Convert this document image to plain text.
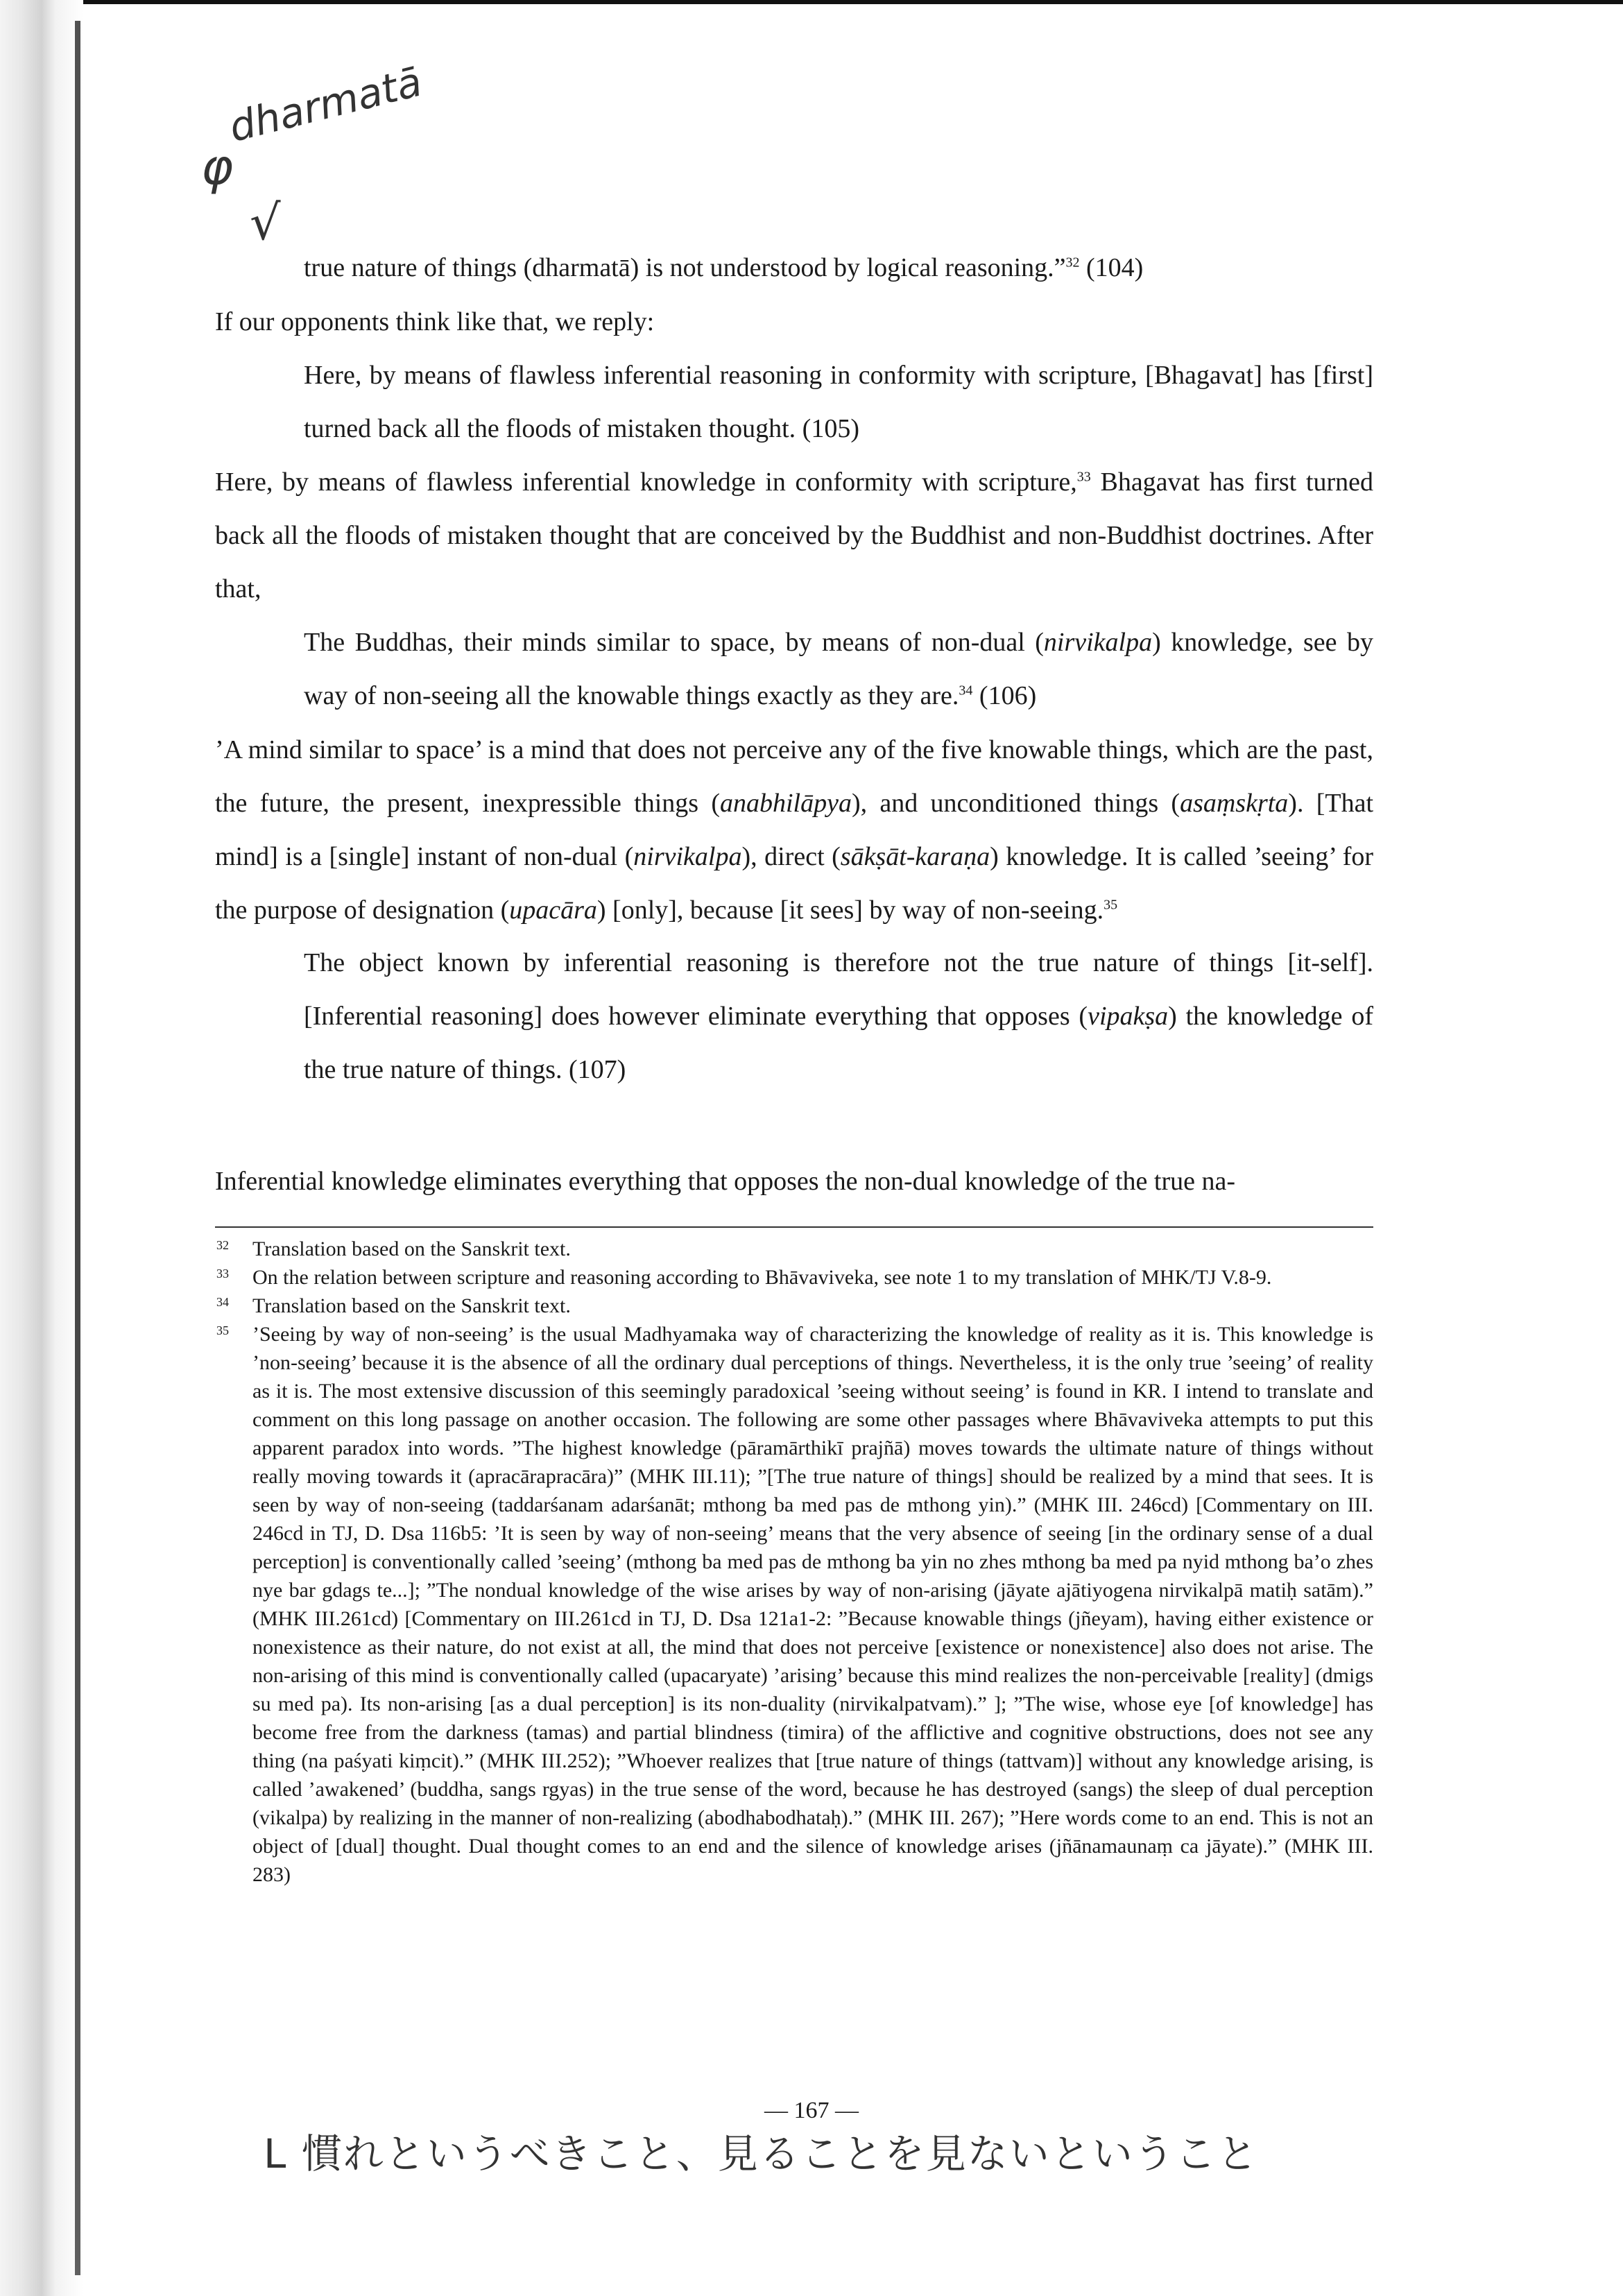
dharmatā
φ
√
true nature of things (dharmatā) is not understood by logical reasoning.”$^{32}$ (104)
If our opponents think like that, we reply:
Here, by means of flawless inferential reasoning in conformity with scripture, [Bhagavat] has [first] turned back all the floods of mistaken thought. (105)
Here, by means of flawless inferential knowledge in conformity with scripture,$^{33}$ Bhagavat has first turned back all the floods of mistaken thought that are conceived by the Buddhist and non-Buddhist doctrines. After that,
The Buddhas, their minds similar to space, by means of non-dual (nirvikalpa) knowledge, see by way of non-seeing all the knowable things exactly as they are.$^{34}$ (106)
’A mind similar to space’ is a mind that does not perceive any of the five knowable things, which are the past, the future, the present, inexpressible things (anabhilāpya), and unconditioned things (asaṃskṛta). [That mind] is a [single] instant of non-dual (nirvikalpa), direct (sākṣāt-karaṇa) knowledge. It is called ’seeing’ for the purpose of designation (upacāra) [only], because [it sees] by way of non-seeing.$^{35}$
The object known by inferential reasoning is therefore not the true nature of things [it-self]. [Inferential reasoning] does however eliminate everything that opposes (vipakṣa) the knowledge of the true nature of things. (107)
Inferential knowledge eliminates everything that opposes the non-dual knowledge of the true na-
32	Translation based on the Sanskrit text.
33	On the relation between scripture and reasoning according to Bhāvaviveka, see note 1 to my translation of MHK/TJ V.8-9.
34	Translation based on the Sanskrit text.
35	’Seeing by way of non-seeing’ is the usual Madhyamaka way of characterizing the knowledge of reality as it is. This knowledge is ’non-seeing’ because it is the absence of all the ordinary dual perceptions of things. Nevertheless, it is the only true ’seeing’ of reality as it is. The most extensive discussion of this seemingly paradoxical ’seeing without seeing’ is found in KR. I intend to translate and comment on this long passage on another occasion. The following are some other passages where Bhāvaviveka attempts to put this apparent paradox into words. ”The highest knowledge (pāramārthikī prajñā) moves towards the ultimate nature of things without really moving towards it (apracārapracāra)” (MHK III.11); ”[The true nature of things] should be realized by a mind that sees. It is seen by way of non-seeing (taddarśanam adarśanāt; mthong ba med pas de mthong yin).” (MHK III. 246cd) [Commentary on III. 246cd in TJ, D. Dsa 116b5: ’It is seen by way of non-seeing’ means that the very absence of seeing [in the ordinary sense of a dual perception] is conventionally called ’seeing’ (mthong ba med pas de mthong ba yin no zhes mthong ba med pa nyid mthong ba’o zhes nye bar gdags te...]; ”The nondual knowledge of the wise arises by way of non-arising (jāyate ajātiyogena nirvikalpā matiḥ satām).” (MHK III.261cd) [Commentary on III.261cd in TJ, D. Dsa 121a1-2: ”Because knowable things (jñeyam), having either existence or nonexistence as their nature, do not exist at all, the mind that does not perceive [existence or nonexistence] also does not arise. The non-arising of this mind is conventionally called (upacaryate) ’arising’ because this mind realizes the non-perceivable [reality] (dmigs su med pa). Its non-arising [as a dual perception] is its non-duality (nirvikalpatvam).” ]; ”The wise, whose eye [of knowledge] has become free from the darkness (tamas) and partial blindness (timira) of the afflictive and cognitive obstructions, does not see any thing (na paśyati kiṃcit).” (MHK III.252); ”Whoever realizes that [true nature of things (tattvam)] without any knowledge arising, is called ’awakened’ (buddha, sangs rgyas) in the true sense of the word, because he has destroyed (sangs) the sleep of dual perception (vikalpa) by realizing in the manner of non-realizing (abodhabodhataḥ).” (MHK III. 267); ”Here words come to an end. This is not an object of [dual] thought. Dual thought comes to an end and the silence of knowledge arises (jñānamaunaṃ ca jāyate).” (MHK III. 283)
— 167 —
L 慣れというべきこと、見ることを見ないということ
